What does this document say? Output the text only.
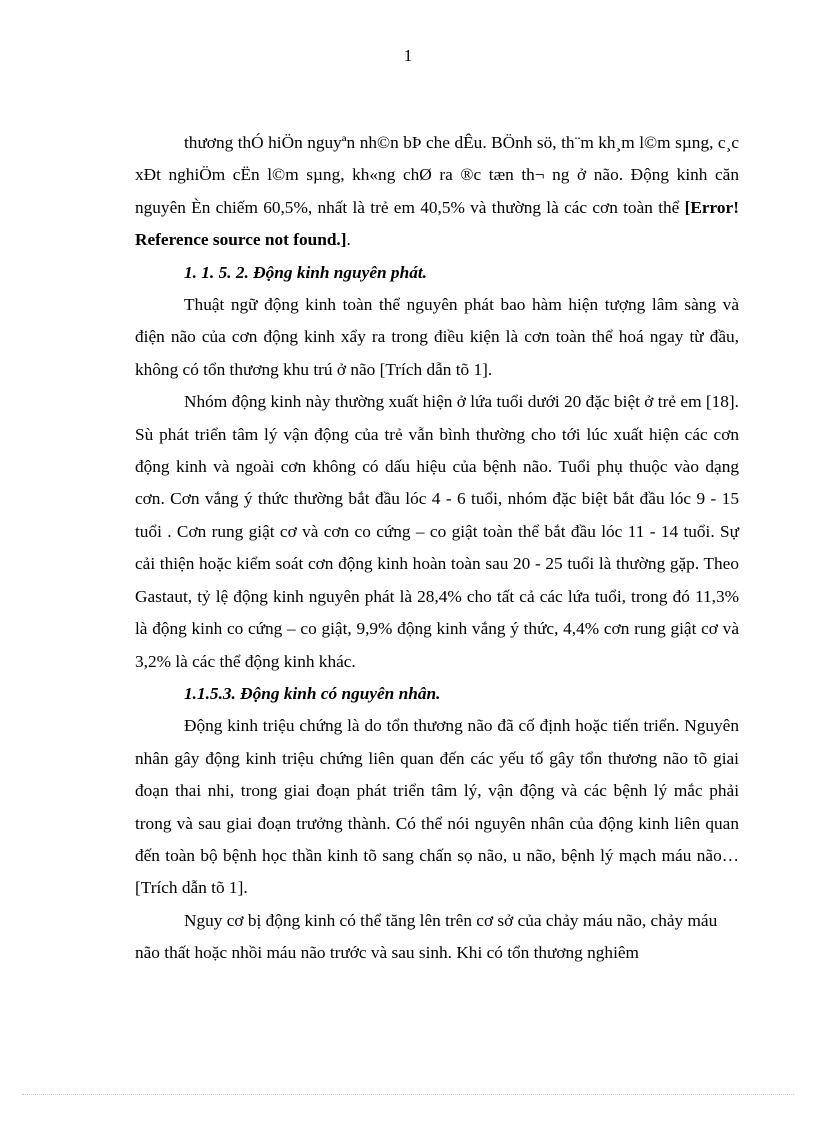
1

thương thÓ hiÖn nguyªn nh©n bÞ che dÊu. BÖnh sö, th¨m kh¸m l©m sµng, c¸c xÐt nghiÖm cËn l©m sµng, kh«ng chØ ra ®c tæn th¬ ng ở não. Động kinh căn nguyên Èn chiếm 60,5%, nhất là trẻ em 40,5% và thường là các cơn toàn thể [Error! Reference source not found.].

1. 1. 5. 2. Động kinh nguyên phát.

Thuật ngữ động kinh toàn thể nguyên phát bao hàm hiện tượng lâm sàng và điện não của cơn động kinh xẩy ra trong điều kiện là cơn toàn thể hoá ngay từ đầu, không có tổn thương khu trú ở não [Trích dẫn tõ 1].

Nhóm động kinh này thường xuất hiện ở lứa tuổi dưới 20 đặc biệt ở trẻ em [18]. Sù phát triển tâm lý vận động của trẻ vẫn bình thường cho tới lúc xuất hiện các cơn động kinh và ngoài cơn không có dấu hiệu của bệnh não. Tuổi phụ thuộc vào dạng cơn. Cơn vắng ý thức thường bắt đầu lóc 4 - 6 tuổi, nhóm đặc biệt bắt đầu lóc 9 - 15 tuổi . Cơn rung giật cơ và cơn co cứng – co giật toàn thể bắt đầu lóc 11 - 14 tuổi. Sự cải thiện hoặc kiểm soát cơn động kinh hoàn toàn sau 20 - 25 tuổi là thường gặp. Theo Gastaut, tỷ lệ động kinh nguyên phát là 28,4% cho tất cả các lứa tuổi, trong đó 11,3% là động kinh co cứng – co giật, 9,9% động kinh vắng ý thức, 4,4% cơn rung giật cơ và 3,2% là các thể động kinh khác.

1.1.5.3. Động kinh có nguyên nhân.

Động kinh triệu chứng là do tổn thương não đã cố định hoặc tiến triển. Nguyên nhân gây động kinh triệu chứng liên quan đến các yếu tố gây tổn thương não tõ giai đoạn thai nhi, trong giai đoạn phát triển tâm lý, vận động và các bệnh lý mắc phải trong và sau giai đoạn trưởng thành. Có thể nói nguyên nhân của động kinh liên quan đến toàn bộ bệnh học thần kinh tõ sang chấn sọ não, u não, bệnh lý mạch máu não…[Trích dẫn tõ 1].

Nguy cơ bị động kinh có thể tăng lên trên cơ sở của chảy máu não, chảy máu não thất hoặc nhồi máu não trước và sau sinh. Khi có tổn thương nghiêm
